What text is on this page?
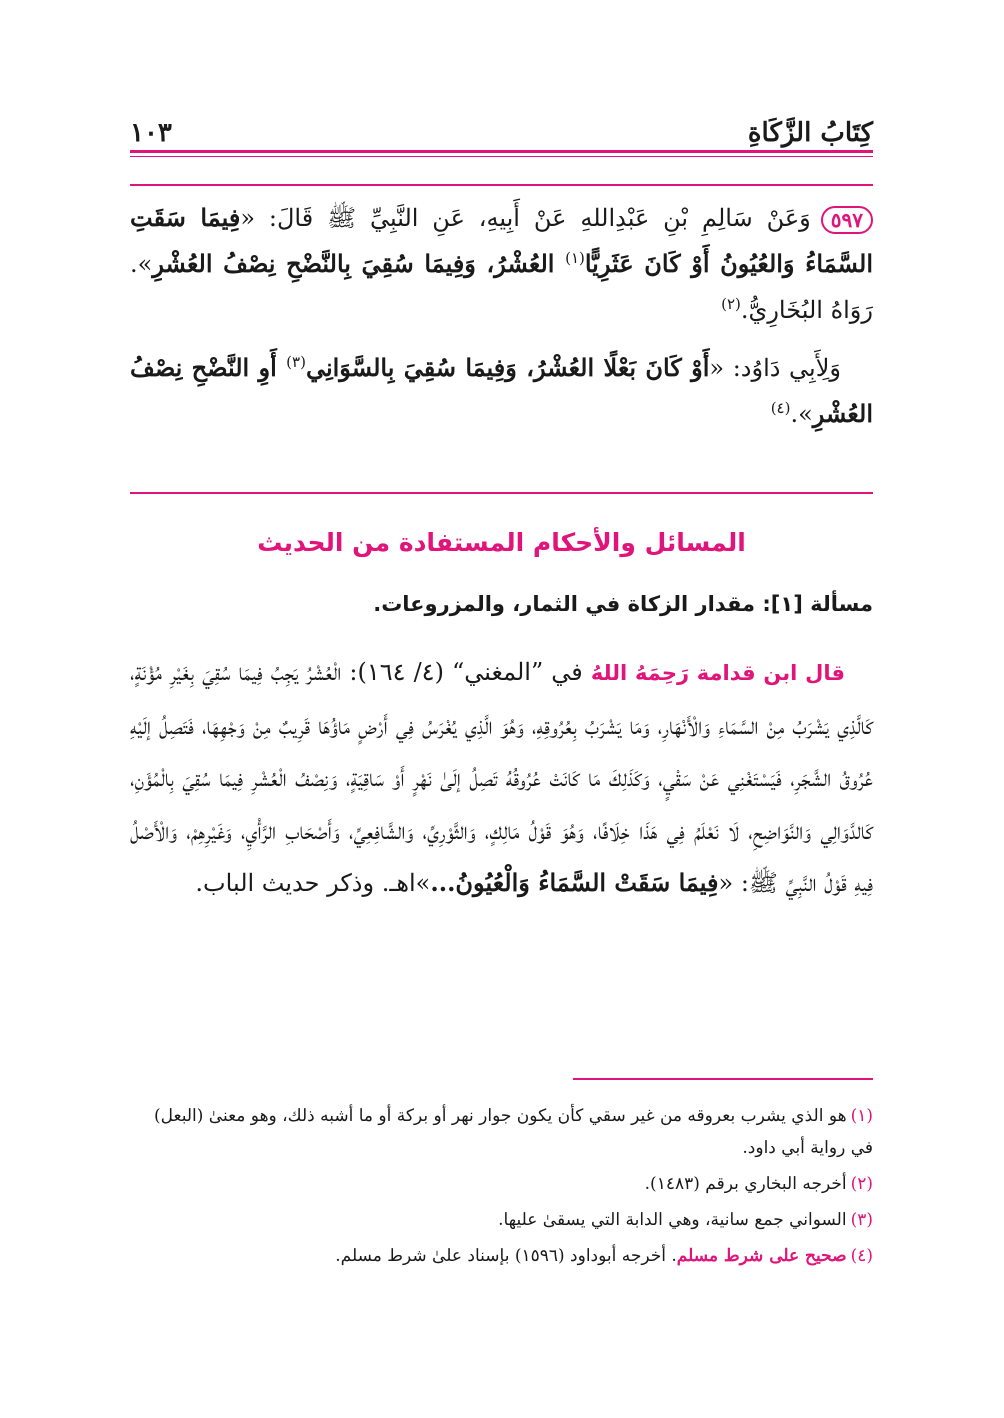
كِتَابُ الزَّكَاةِ
١٠٣

٥٩٧وَعَنْ سَالِمِ بْنِ عَبْدِاللهِ عَنْ أَبِيهِ، عَنِ النَّبِيِّ ﷺ قَالَ: «فِيمَا سَقَتِ السَّمَاءُ وَالعُيُونُ أَوْ كَانَ عَثَرِيًّا$^{(١)}$ العُشْرُ، وَفِيمَا سُقِيَ بِالنَّضْحِ نِصْفُ العُشْرِ». رَوَاهُ البُخَارِيُّ.$^{(٢)}$

وَلِأَبِي دَاوُد: «أَوْ كَانَ بَعْلًا العُشْرُ، وَفِيمَا سُقِيَ بِالسَّوَانِي$^{(٣)}$ أَوِ النَّضْحِ نِصْفُ العُشْرِ».$^{(٤)}$

المسائل والأحكام المستفادة من الحديث
مسألة [١]: مقدار الزكاة في الثمار، والمزروعات.
قال ابن قدامة رَحِمَهُ اللهُ في ”المغني“ (٤/ ١٦٤): الْعُشْرُ يَجِبُ فِيمَا سُقِيَ بِغَيْرِ مُؤْنَةٍ، كَالَّذِي يَشْرَبُ مِنْ السَّمَاءِ وَالْأَنْهَارِ، وَمَا يَشْرَبُ بِعُرُوقِهِ، وَهُوَ الَّذِي يُغْرَسُ فِي أَرْضٍ مَاؤُهَا قَرِيبٌ مِنْ وَجْهِهَا، فَتَصِلُ إلَيْهِ عُرُوقُ الشَّجَرِ، فَيَسْتَغْنِي عَنْ سَقْيٍ، وَكَذَلِكَ مَا كَانَتْ عُرُوقُهُ تَصِلُ إلَىٰ نَهْرٍ أَوْ سَاقِيَةٍ، وَنِصْفُ الْعُشْرِ فِيمَا سُقِيَ بِالْمُؤَنِ، كَالدَّوَالِي وَالنَّوَاضِحِ، لَا نَعْلَمُ فِي هَذَا خِلَافًا، وَهُوَ قَوْلُ مَالِكٍ، وَالثَّوْرِيِّ، وَالشَّافِعِيِّ، وَأَصْحَابِ الرَّأْيِ، وَغَيْرِهِمْ، وَالْأَصْلُ فِيهِ قَوْلُ النَّبِيِّ ﷺ: «فِيمَا سَقَتْ السَّمَاءُ وَالْعُيُونُ...»اهـ. وذكر حديث الباب.

(١)هو الذي يشرب بعروقه من غير سقي كأن يكون جوار نهر أو بركة أو ما أشبه ذلك، وهو معنىٰ (البعل) في رواية أبي داود.

(٢)أخرجه البخاري برقم (١٤٨٣).

(٣)السواني جمع سانية، وهي الدابة التي يسقىٰ عليها.

(٤)صحيح على شرط مسلم. أخرجه أبوداود (١٥٩٦) بإسناد علىٰ شرط مسلم.
